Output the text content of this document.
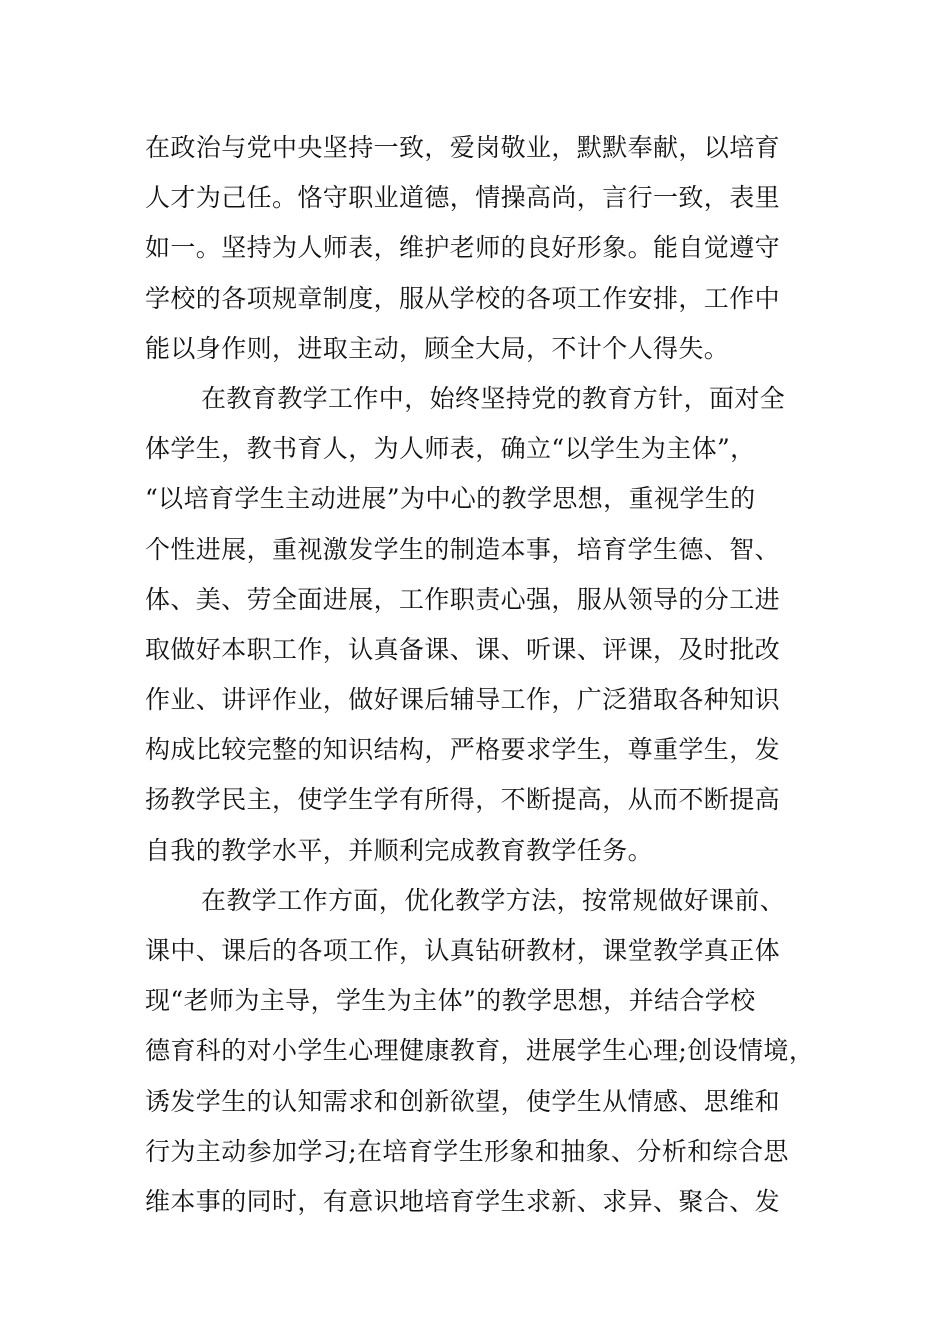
在政治与党中央坚持一致，爱岗敬业，默默奉献，以培育
人才为己任。恪守职业道德，情操高尚，言行一致，表里
如一。坚持为人师表，维护老师的良好形象。能自觉遵守
学校的各项规章制度，服从学校的各项工作安排，工作中
能以身作则，进取主动，顾全大局，不计个人得失。
在教育教学工作中，始终坚持党的教育方针，面对全
体学生，教书育人，为人师表，确立“以学生为主体”，
“以培育学生主动进展”为中心的教学思想，重视学生的
个性进展，重视激发学生的制造本事，培育学生德、智、
体、美、劳全面进展，工作职责心强，服从领导的分工进
取做好本职工作，认真备课、课、听课、评课，及时批改
作业、讲评作业，做好课后辅导工作，广泛猎取各种知识
构成比较完整的知识结构，严格要求学生，尊重学生，发
扬教学民主，使学生学有所得，不断提高，从而不断提高
自我的教学水平，并顺利完成教育教学任务。
在教学工作方面，优化教学方法，按常规做好课前、
课中、课后的各项工作，认真钻研教材，课堂教学真正体
现“老师为主导，学生为主体”的教学思想，并结合学校
德育科的对小学生心理健康教育，进展学生心理;创设情境，
诱发学生的认知需求和创新欲望，使学生从情感、思维和
行为主动参加学习;在培育学生形象和抽象、分析和综合思
维本事的同时，有意识地培育学生求新、求异、聚合、发
